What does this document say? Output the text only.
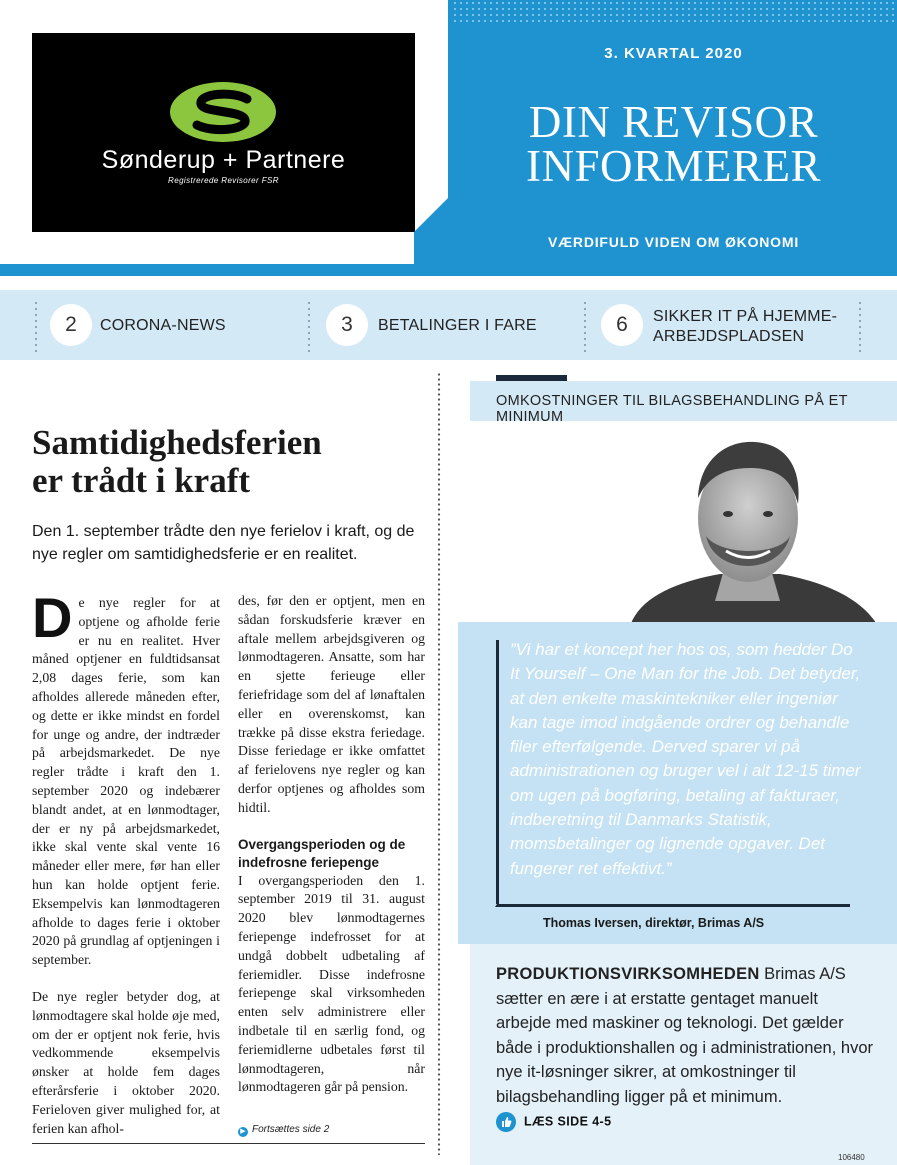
Sønderup + Partnere
Registrerede Revisorer FSR
3. KVARTAL 2020
DIN REVISOR
INFORMERER
VÆRDIFULD VIDEN OM ØKONOMI
2	CORONA-NEWS	3	BETALINGER I FARE	6	SIKKER IT PÅ HJEMME-
ARBEJDSPLADSEN
Samtidighedsferien
er trådt i kraft

Den 1. september trådte den nye ferielov i kraft, og de nye regler om samtidighedsferie er en realitet.

De nye regler for at optjene og afholde ferie er nu en realitet. Hver måned optjener en fuldtidsansat 2,08 dages ferie, som kan afholdes allerede måneden efter, og dette er ikke mindst en fordel for unge og andre, der indtræder på arbejdsmarkedet. De nye regler trådte i kraft den 1. september 2020 og indebærer blandt andet, at en lønmodtager, der er ny på arbejdsmarkedet, ikke skal vente skal vente 16 måneder eller mere, før han eller hun kan holde optjent ferie. Eksempelvis kan lønmodtageren afholde to dages ferie i oktober 2020 på grundlag af optjeningen i september.

De nye regler betyder dog, at lønmodtagere skal holde øje med, om der er optjent nok ferie, hvis vedkommende eksempelvis ønsker at holde fem dages efterårsferie i oktober 2020. Ferieloven giver mulighed for, at ferien kan afhol-

des, før den er optjent, men en sådan forskudsferie kræver en aftale mellem arbejdsgiveren og lønmodtageren. Ansatte, som har en sjette ferieuge eller feriefridage som del af lønaftalen eller en overenskomst, kan trække på disse ekstra feriedage. Disse feriedage er ikke omfattet af ferielovens nye regler og kan derfor optjenes og afholdes som hidtil.

Overgangsperioden og de indefrosne feriepenge

I overgangsperioden den 1. september 2019 til 31. august 2020 blev lønmodtagernes feriepenge indefrosset for at undgå dobbelt udbetaling af feriemidler. Disse indefrosne feriepenge skal virksomheden enten selv administrere eller indbetale til en særlig fond, og feriemidlerne udbetales først til lønmodtageren, når lønmodtageren går på pension.

▶ Fortsættes side 2
OMKOSTNINGER TIL BILAGSBEHANDLING PÅ ET MINIMUM

”Vi har et koncept her hos os, som hedder Do It Yourself – One Man for the Job. Det betyder, at den enkelte maskintekniker eller ingeniør kan tage imod indgående ordrer og behandle filer efterfølgende. Derved sparer vi på administrationen og bruger vel i alt 12-15 timer om ugen på bogføring, betaling af fakturaer, indberetning til Danmarks Statistik, momsbetalinger og lignende opgaver. Det fungerer ret effektivt.”

Thomas Iversen, direktør, Brimas A/S

PRODUKTIONSVIRKSOMHEDEN Brimas A/S sætter en ære i at erstatte gentaget manuelt arbejde med maskiner og teknologi. Det gælder både i produktionshallen og i administrationen, hvor nye it-løsninger sikrer, at omkostninger til bilagsbehandling ligger på et minimum.

LÆS SIDE 4-5
106480
